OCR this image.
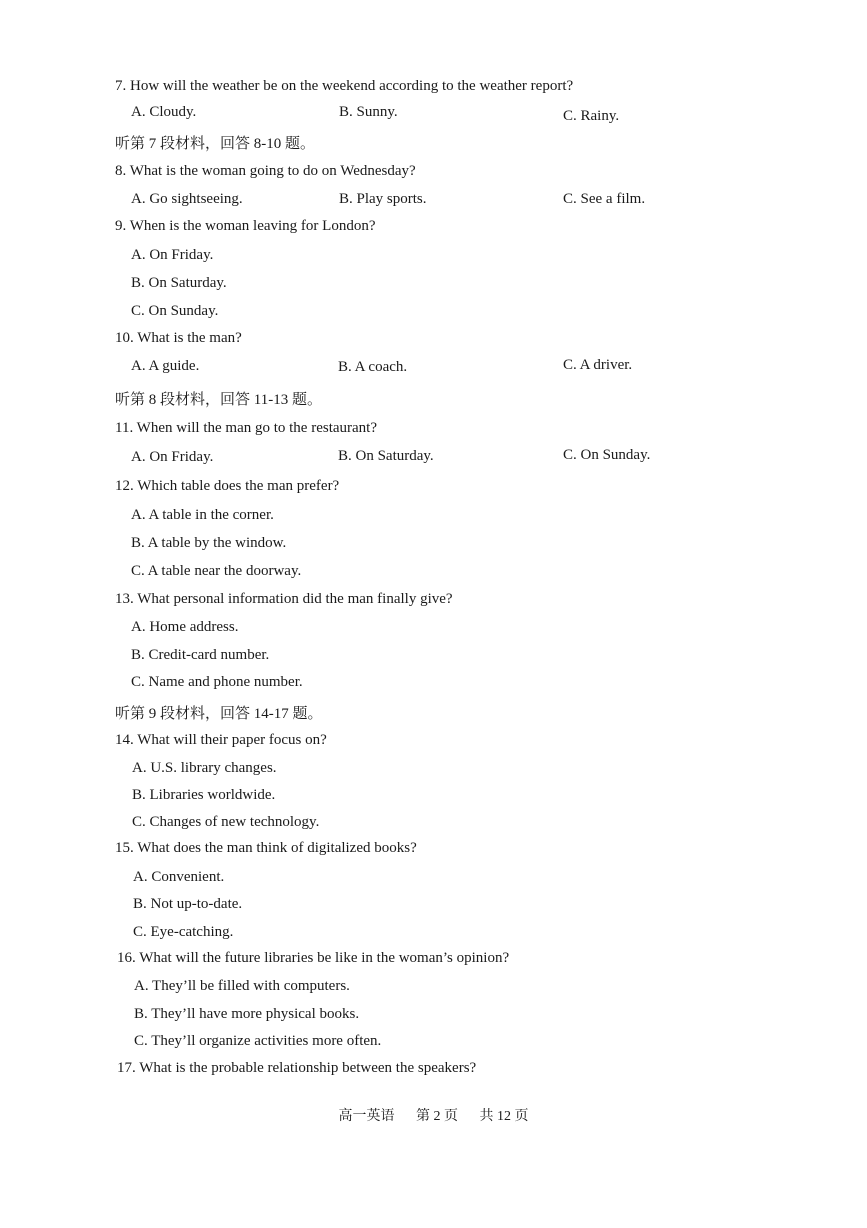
7. How will the weather be on the weekend according to the weather report?
A. Cloudy.	B. Sunny.	C. Rainy.
听第 7 段材料，回答 8-10 题。
8. What is the woman going to do on Wednesday?
A. Go sightseeing.	B. Play sports.	C. See a film.
9. When is the woman leaving for London?
A. On Friday.
B. On Saturday.
C. On Sunday.
10. What is the man?
A. A guide.	B. A coach.	C. A driver.
听第 8 段材料，回答 11-13 题。
11. When will the man go to the restaurant?
A. On Friday.	B. On Saturday.	C. On Sunday.
12. Which table does the man prefer?
A. A table in the corner.
B. A table by the window.
C. A table near the doorway.
13. What personal information did the man finally give?
A. Home address.
B. Credit-card number.
C. Name and phone number.
听第 9 段材料，回答 14-17 题。
14. What will their paper focus on?
A. U.S. library changes.
B. Libraries worldwide.
C. Changes of new technology.
15. What does the man think of digitalized books?
A. Convenient.
B. Not up-to-date.
C. Eye-catching.
16. What will the future libraries be like in the woman’s opinion?
A. They’ll be filled with computers.
B. They’ll have more physical books.
C. They’ll organize activities more often.
17. What is the probable relationship between the speakers?
高一英语 第 2 页 共 12 页
